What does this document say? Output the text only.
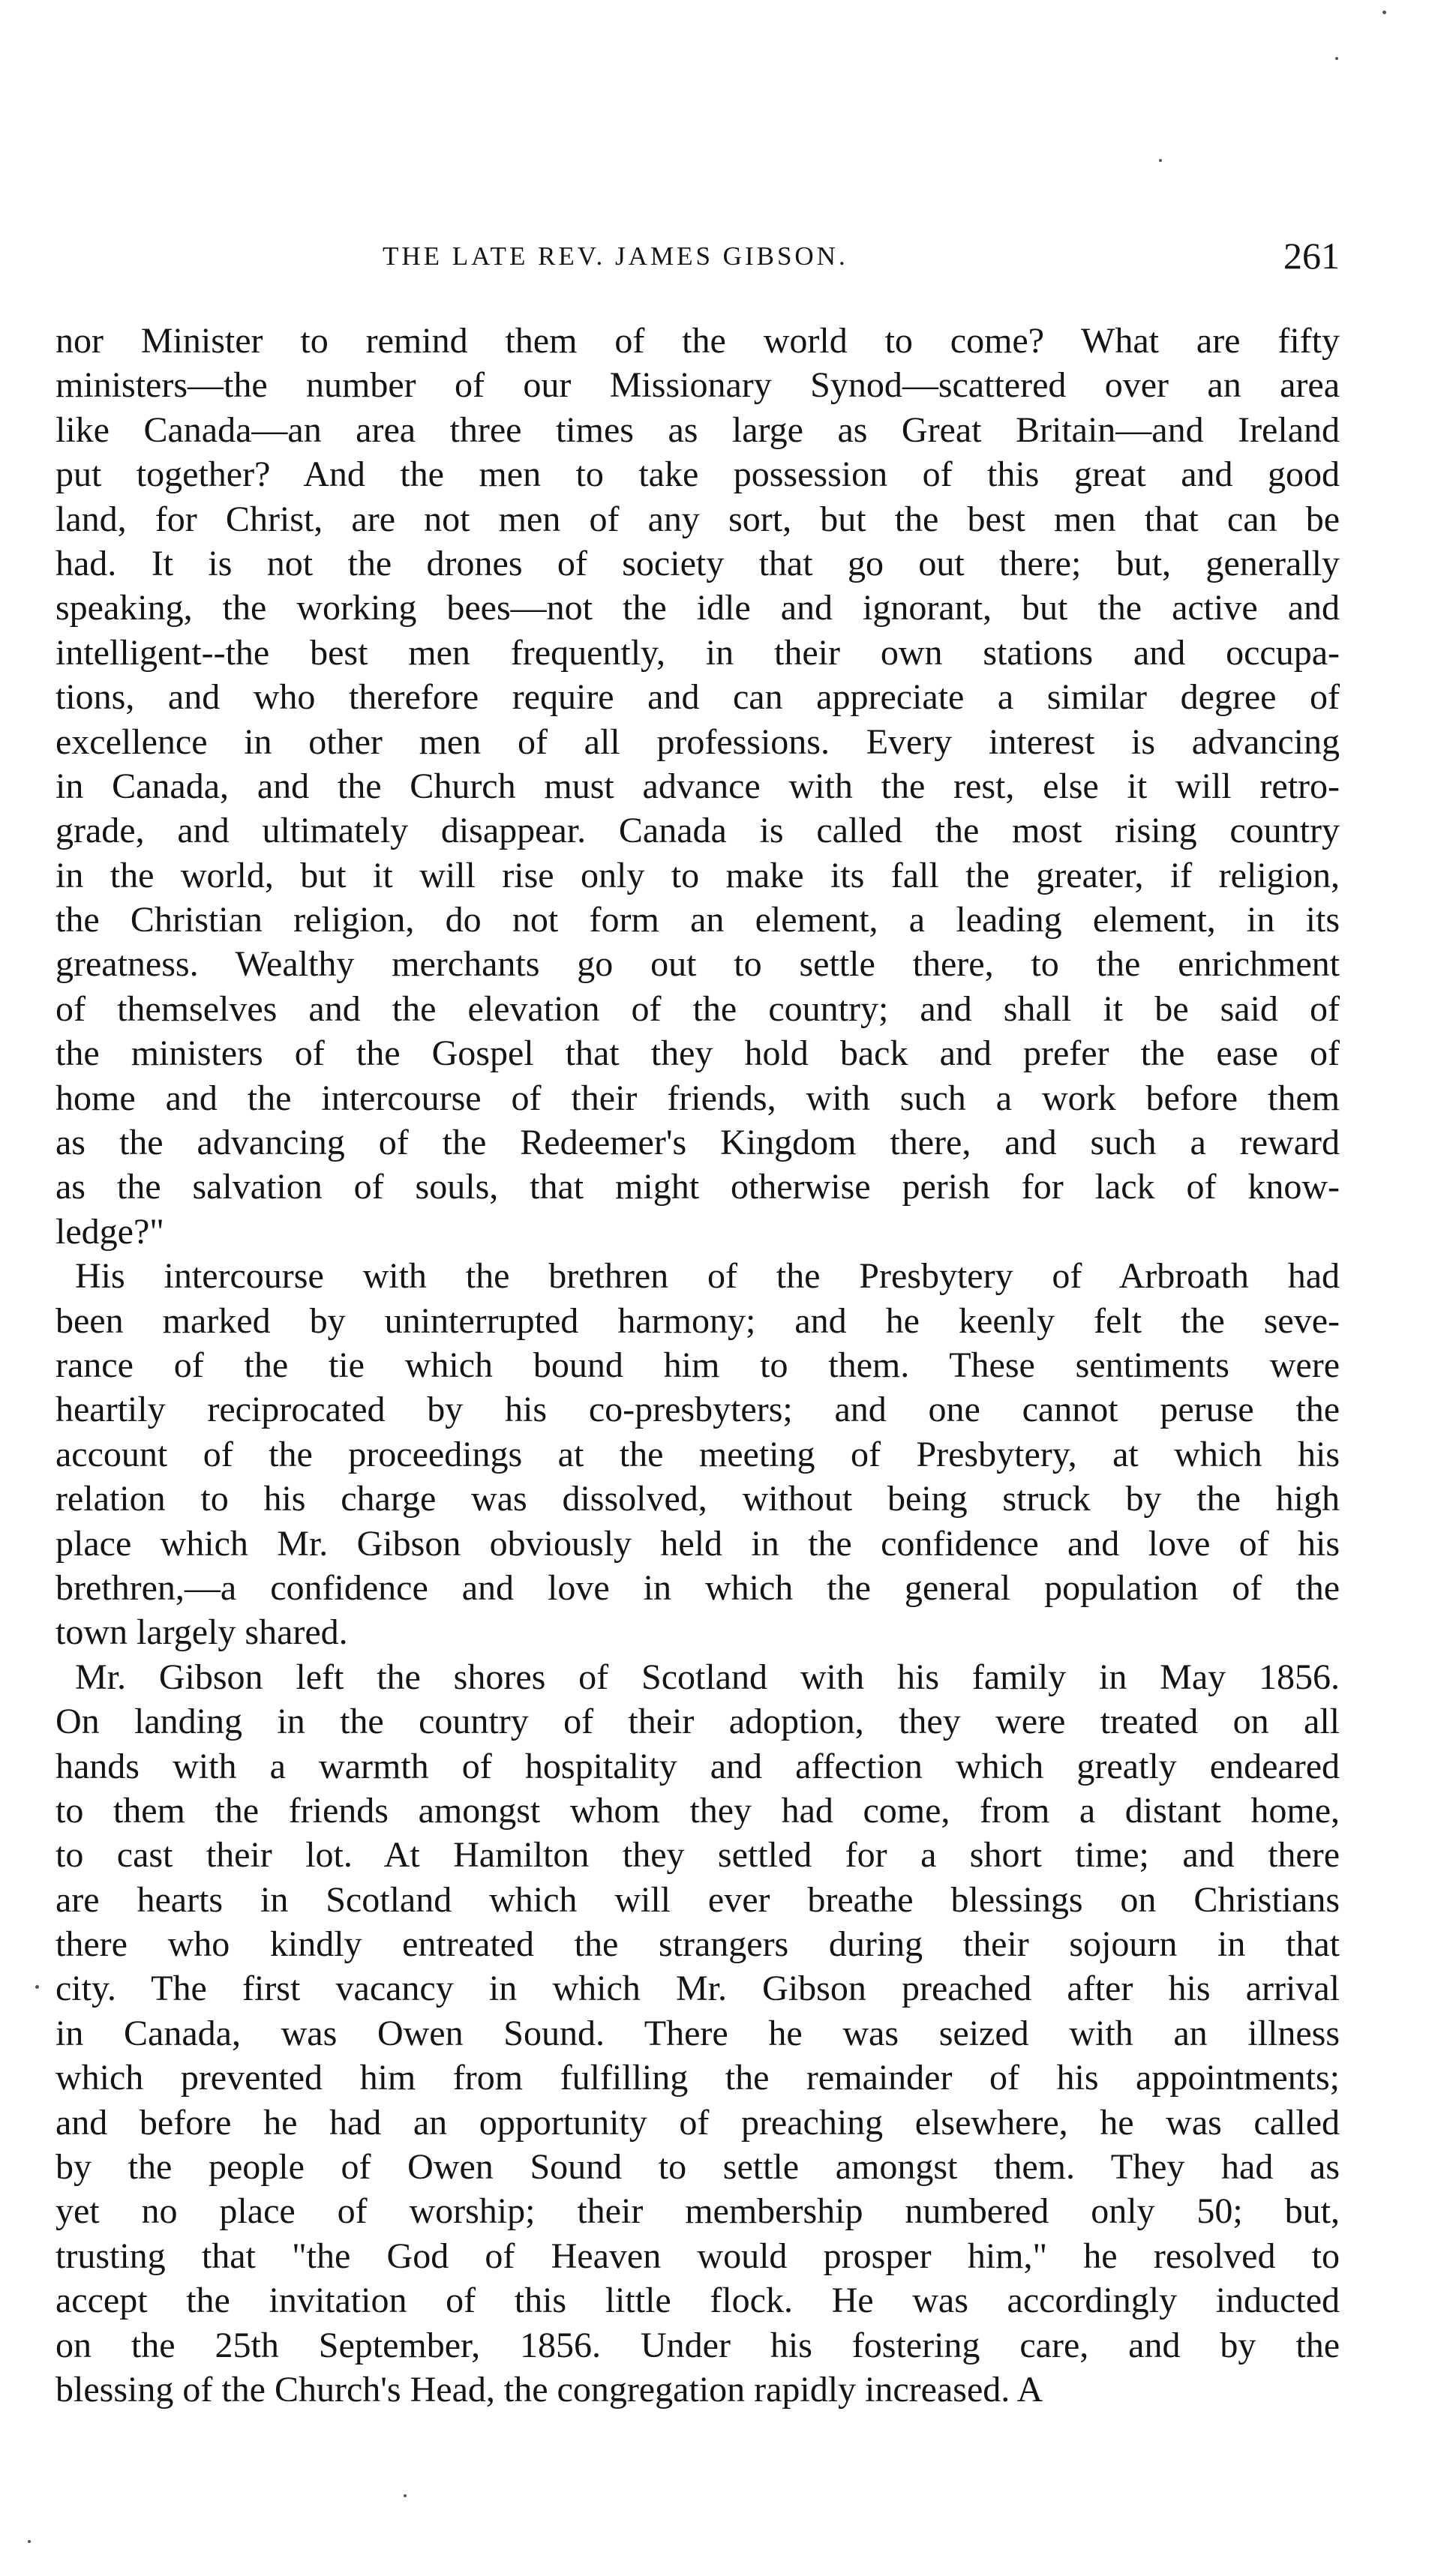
THE LATE REV. JAMES GIBSON.	261
nor Minister to remind them of the world to come? What are fifty
ministers—the number of our Missionary Synod—scattered over an area
like Canada—an area three times as large as Great Britain—and Ireland
put together? And the men to take possession of this great and good
land, for Christ, are not men of any sort, but the best men that can be
had. It is not the drones of society that go out there; but, generally
speaking, the working bees—not the idle and ignorant, but the active and
intelligent--the best men frequently, in their own stations and occupa-
tions, and who therefore require and can appreciate a similar degree of
excellence in other men of all professions. Every interest is advancing
in Canada, and the Church must advance with the rest, else it will retro-
grade, and ultimately disappear. Canada is called the most rising country
in the world, but it will rise only to make its fall the greater, if religion,
the Christian religion, do not form an element, a leading element, in its
greatness. Wealthy merchants go out to settle there, to the enrichment
of themselves and the elevation of the country; and shall it be said of
the ministers of the Gospel that they hold back and prefer the ease of
home and the intercourse of their friends, with such a work before them
as the advancing of the Redeemer's Kingdom there, and such a reward
as the salvation of souls, that might otherwise perish for lack of know-
ledge?"
His intercourse with the brethren of the Presbytery of Arbroath had
been marked by uninterrupted harmony; and he keenly felt the seve-
rance of the tie which bound him to them. These sentiments were
heartily reciprocated by his co-presbyters; and one cannot peruse the
account of the proceedings at the meeting of Presbytery, at which his
relation to his charge was dissolved, without being struck by the high
place which Mr. Gibson obviously held in the confidence and love of his
brethren,—a confidence and love in which the general population of the
town largely shared.
Mr. Gibson left the shores of Scotland with his family in May 1856.
On landing in the country of their adoption, they were treated on all
hands with a warmth of hospitality and affection which greatly endeared
to them the friends amongst whom they had come, from a distant home,
to cast their lot. At Hamilton they settled for a short time; and there
are hearts in Scotland which will ever breathe blessings on Christians
there who kindly entreated the strangers during their sojourn in that
city. The first vacancy in which Mr. Gibson preached after his arrival
in Canada, was Owen Sound. There he was seized with an illness
which prevented him from fulfilling the remainder of his appointments;
and before he had an opportunity of preaching elsewhere, he was called
by the people of Owen Sound to settle amongst them. They had as
yet no place of worship; their membership numbered only 50; but,
trusting that "the God of Heaven would prosper him," he resolved to
accept the invitation of this little flock. He was accordingly inducted
on the 25th September, 1856. Under his fostering care, and by the
blessing of the Church's Head, the congregation rapidly increased. A
